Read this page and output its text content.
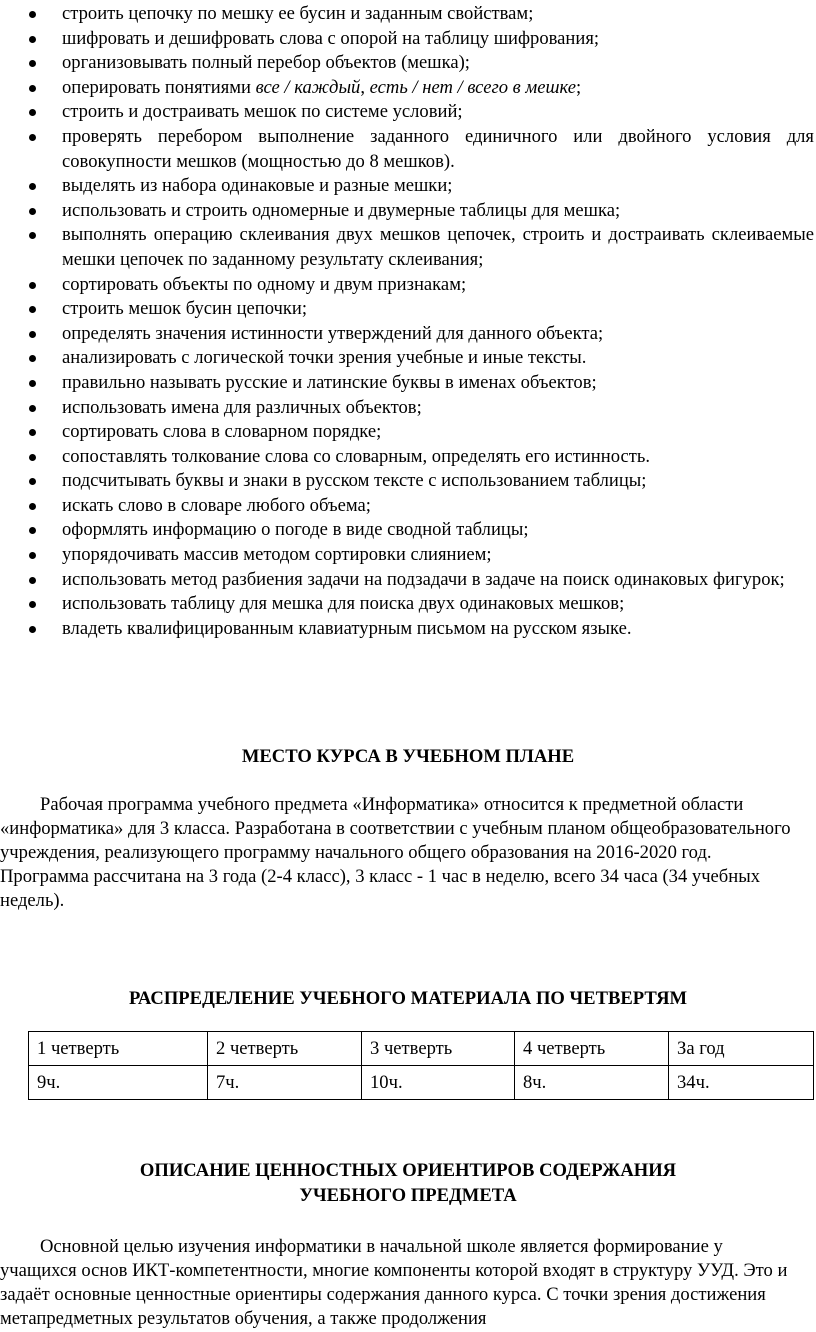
строить цепочку по мешку ее бусин и заданным свойствам;
шифровать и дешифровать слова с опорой на таблицу шифрования;
организовывать полный перебор объектов (мешка);
оперировать понятиями все / каждый, есть / нет / всего в мешке;
строить и достраивать мешок по системе условий;
проверять перебором выполнение заданного единичного или двойного условия для совокупности мешков (мощностью до 8 мешков).
выделять из набора одинаковые и разные мешки;
использовать и строить одномерные и двумерные таблицы для мешка;
выполнять операцию склеивания двух мешков цепочек, строить и достраивать склеиваемые мешки цепочек по заданному результату склеивания;
сортировать объекты по одному и двум признакам;
строить мешок бусин цепочки;
определять значения истинности утверждений для данного объекта;
анализировать с логической точки зрения учебные и иные тексты.
правильно называть русские и латинские буквы в именах объектов;
использовать имена для различных объектов;
сортировать слова в словарном порядке;
сопоставлять толкование слова со словарным, определять его истинность.
подсчитывать буквы и знаки в русском тексте с использованием таблицы;
искать слово в словаре любого объема;
оформлять информацию о погоде в виде сводной таблицы;
упорядочивать массив методом сортировки слиянием;
использовать метод разбиения задачи на подзадачи в задаче на поиск одинаковых фигурок;
использовать таблицу для мешка для поиска двух одинаковых мешков;
владеть квалифицированным клавиатурным письмом на русском языке.
МЕСТО КУРСА В УЧЕБНОМ ПЛАНЕ
Рабочая программа учебного предмета «Информатика» относится к предметной области «информатика» для 3 класса. Разработана в соответствии с учебным планом общеобразовательного учреждения, реализующего программу начального общего образования на 2016-2020 год. Программа рассчитана на 3 года (2-4 класс), 3 класс - 1 час в неделю, всего 34 часа (34 учебных недель).
РАСПРЕДЕЛЕНИЕ УЧЕБНОГО МАТЕРИАЛА ПО ЧЕТВЕРТЯМ
1 четверть	2 четверть	3 четверть	4 четверть	За год
9ч.	7ч.	10ч.	8ч.	34ч.
ОПИСАНИЕ ЦЕННОСТНЫХ ОРИЕНТИРОВ СОДЕРЖАНИЯ
УЧЕБНОГО ПРЕДМЕТА
Основной целью изучения информатики в начальной школе является формирование у учащихся основ ИКТ-компетентности, многие компоненты которой входят в структуру УУД. Это и задаёт основные ценностные ориентиры содержания данного курса. С точки зрения достижения метапредметных результатов обучения, а также продолжения
